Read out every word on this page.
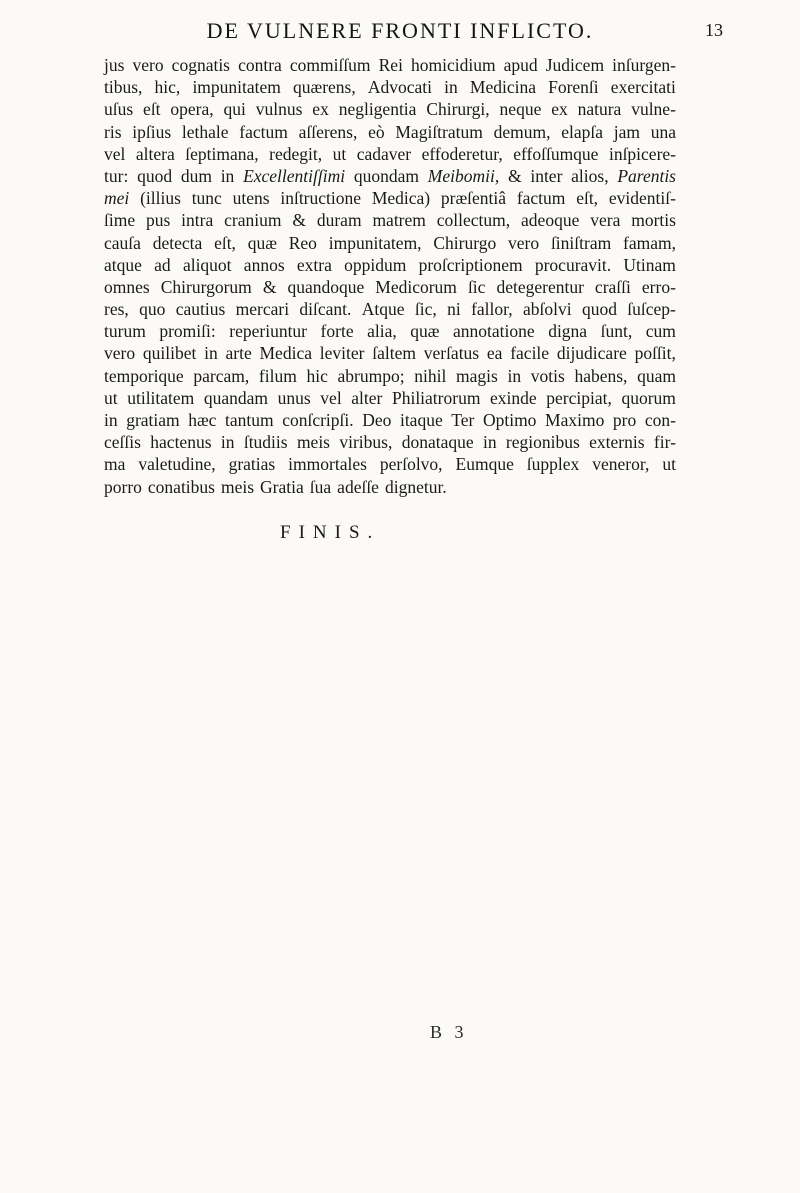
DE VULNERE FRONTI INFLICTO.	13
jus vero cognatis contra commiſſum Rei homicidium apud Judicem inſurgen-
tibus, hic, impunitatem quærens, Advocati in Medicina Forenſi exercitati
uſus eſt opera, qui vulnus ex negligentia Chirurgi, neque ex natura vulne-
ris ipſius lethale factum aſſerens, eò Magiſtratum demum, elapſa jam una
vel altera ſeptimana, redegit, ut cadaver effoderetur, effoſſumque inſpicere-
tur: quod dum in Excellentiſſimi quondam Meibomii, & inter alios, Parentis
mei (illius tunc utens inſtructione Medica) præſentiâ factum eſt, evidentiſ-
ſime pus intra cranium & duram matrem collectum, adeoque vera mortis
cauſa detecta eſt, quæ Reo impunitatem, Chirurgo vero ſiniſtram famam,
atque ad aliquot annos extra oppidum proſcriptionem procuravit. Utinam
omnes Chirurgorum & quandoque Medicorum ſic detegerentur craſſi erro-
res, quo cautius mercari diſcant. Atque ſic, ni fallor, abſolvi quod ſuſcep-
turum promiſi: reperiuntur forte alia, quæ annotatione digna ſunt, cum
vero quilibet in arte Medica leviter ſaltem verſatus ea facile dijudicare poſſit,
temporique parcam, filum hic abrumpo; nihil magis in votis habens, quam
ut utilitatem quandam unus vel alter Philiatrorum exinde percipiat, quorum
in gratiam hæc tantum conſcripſi. Deo itaque Ter Optimo Maximo pro con-
ceſſis hactenus in ſtudiis meis viribus, donataque in regionibus externis fir-
ma valetudine, gratias immortales perſolvo, Eumque ſupplex veneror, ut
porro conatibus meis Gratia ſua adeſſe dignetur.
FINIS.
B 3
